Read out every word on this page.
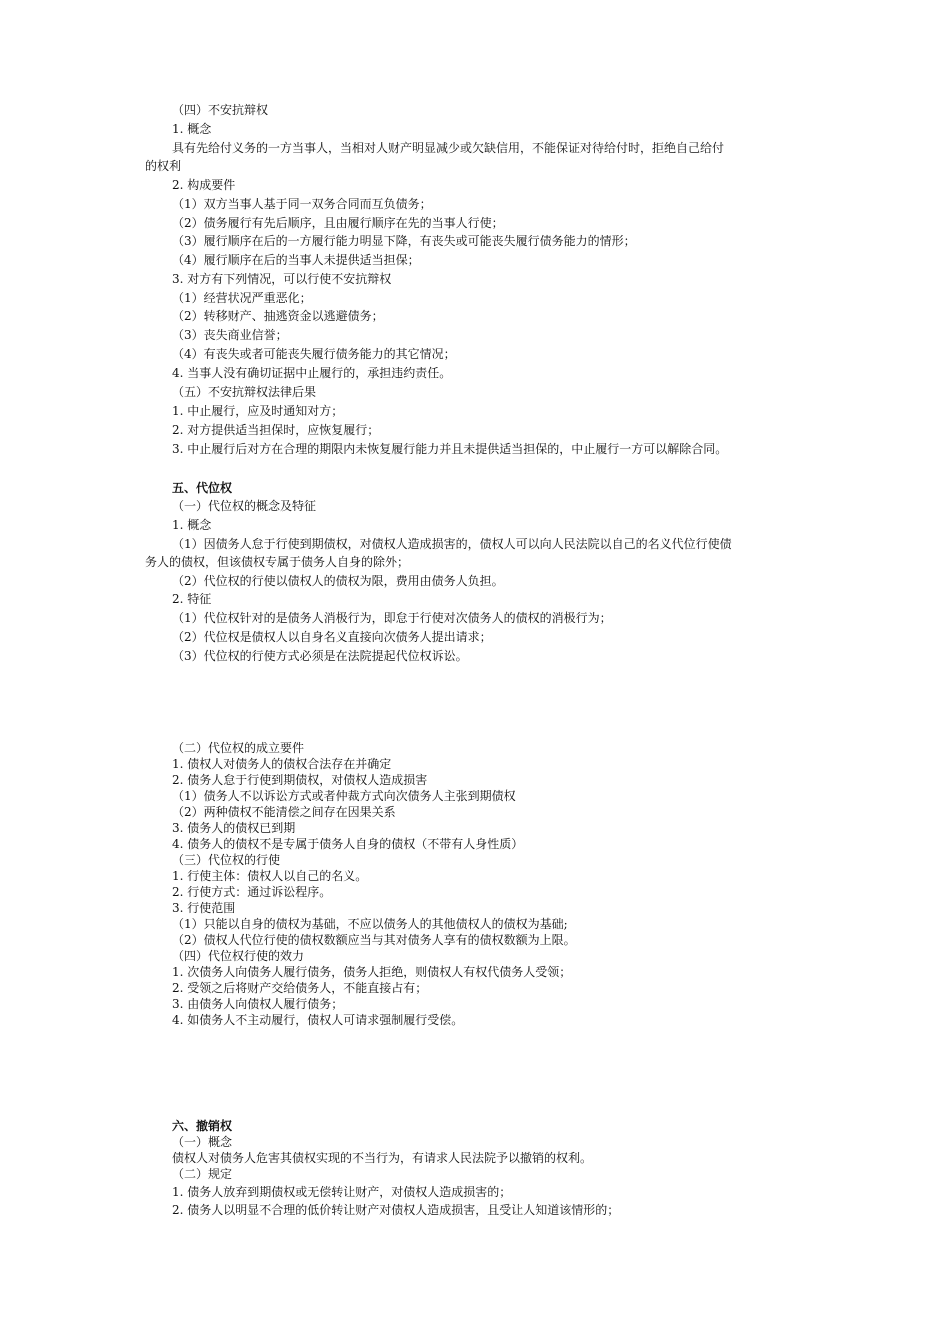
（四）不安抗辩权
1. 概念
具有先给付义务的一方当事人，当相对人财产明显减少或欠缺信用，不能保证对待给付时，拒绝自己给付
的权利
2. 构成要件
（1）双方当事人基于同一双务合同而互负债务；
（2）债务履行有先后顺序，且由履行顺序在先的当事人行使；
（3）履行顺序在后的一方履行能力明显下降，有丧失或可能丧失履行债务能力的情形；
（4）履行顺序在后的当事人未提供适当担保；
3. 对方有下列情况，可以行使不安抗辩权
（1）经营状况严重恶化；
（2）转移财产、抽逃资金以逃避债务；
（3）丧失商业信誉；
（4）有丧失或者可能丧失履行债务能力的其它情况；
4. 当事人没有确切证据中止履行的，承担违约责任。
（五）不安抗辩权法律后果
1. 中止履行，应及时通知对方；
2. 对方提供适当担保时，应恢复履行；
3. 中止履行后对方在合理的期限内未恢复履行能力并且未提供适当担保的，中止履行一方可以解除合同。
五、代位权
（一）代位权的概念及特征
1. 概念
（1）因债务人怠于行使到期债权，对债权人造成损害的，债权人可以向人民法院以自己的名义代位行使债
务人的债权，但该债权专属于债务人自身的除外；
（2）代位权的行使以债权人的债权为限，费用由债务人负担。
2. 特征
（1）代位权针对的是债务人消极行为，即怠于行使对次债务人的债权的消极行为；
（2）代位权是债权人以自身名义直接向次债务人提出请求；
（3）代位权的行使方式必须是在法院提起代位权诉讼。
（二）代位权的成立要件
1. 债权人对债务人的债权合法存在并确定
2. 债务人怠于行使到期债权，对债权人造成损害
（1）债务人不以诉讼方式或者仲裁方式向次债务人主张到期债权
（2）两种债权不能清偿之间存在因果关系
3. 债务人的债权已到期
4. 债务人的债权不是专属于债务人自身的债权（不带有人身性质）
（三）代位权的行使
1. 行使主体：债权人以自己的名义。
2. 行使方式：通过诉讼程序。
3. 行使范围
（1）只能以自身的债权为基础，不应以债务人的其他债权人的债权为基础;
（2）债权人代位行使的债权数额应当与其对债务人享有的债权数额为上限。
（四）代位权行使的效力
1. 次债务人向债务人履行债务，债务人拒绝，则债权人有权代债务人受领；
2. 受领之后将财产交给债务人，不能直接占有；
3. 由债务人向债权人履行债务；
4. 如债务人不主动履行，债权人可请求强制履行受偿。
六、撤销权
（一）概念
债权人对债务人危害其债权实现的不当行为，有请求人民法院予以撤销的权利。
（二）规定
1. 债务人放弃到期债权或无偿转让财产，对债权人造成损害的；
2. 债务人以明显不合理的低价转让财产对债权人造成损害，且受让人知道该情形的；
